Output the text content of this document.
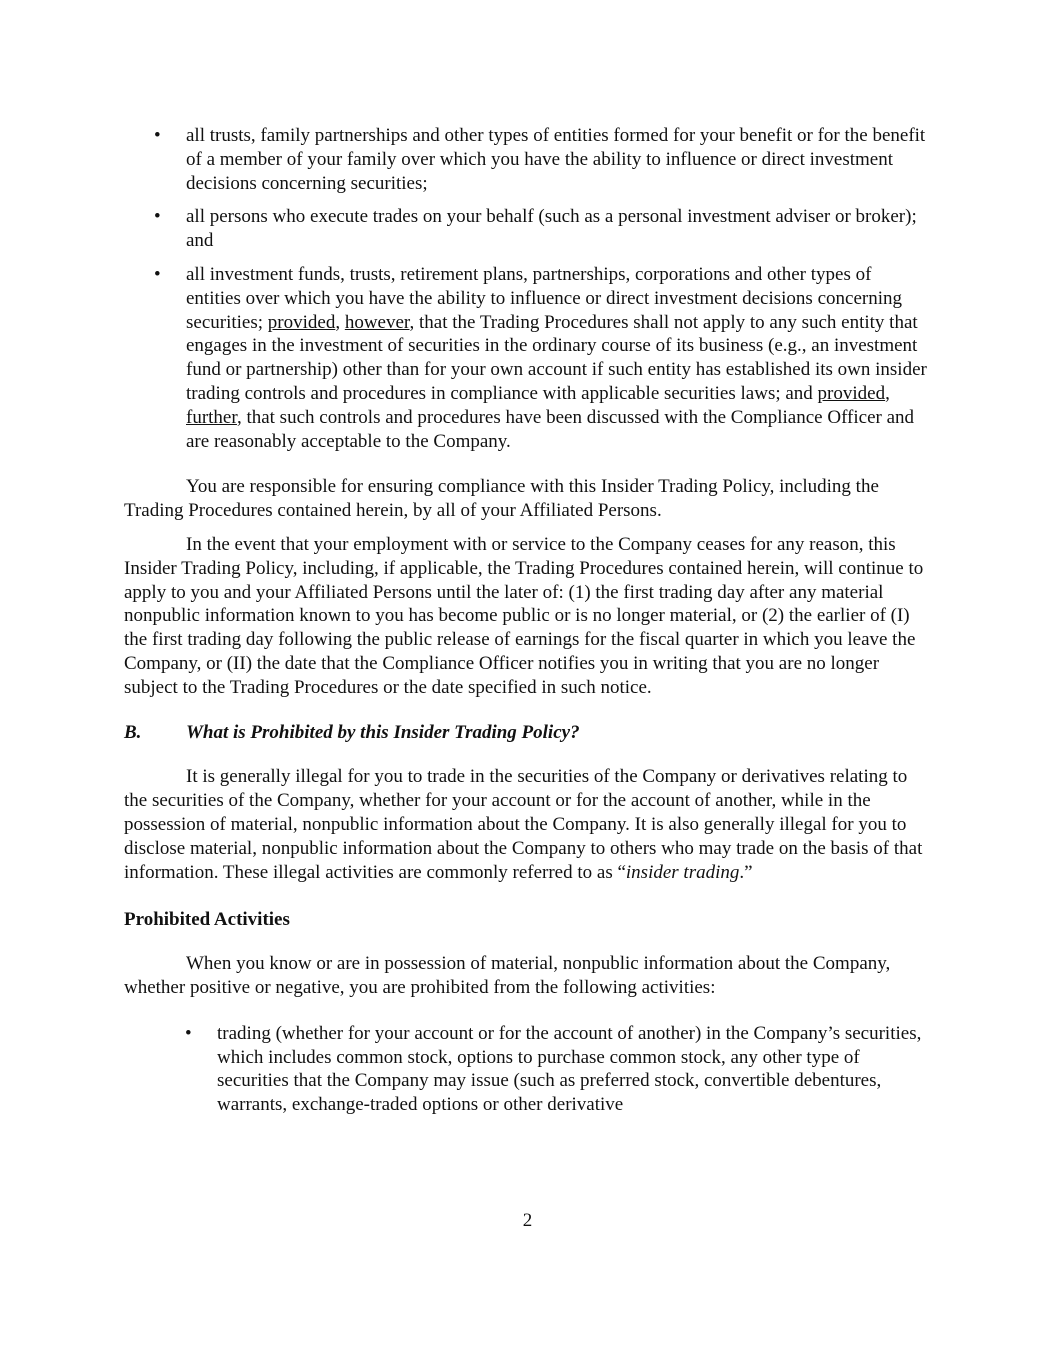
• all trusts, family partnerships and other types of entities formed for your benefit or for the benefit of a member of your family over which you have the ability to influence or direct investment decisions concerning securities;
• all persons who execute trades on your behalf (such as a personal investment adviser or broker); and
• all investment funds, trusts, retirement plans, partnerships, corporations and other types of entities over which you have the ability to influence or direct investment decisions concerning securities; provided, however, that the Trading Procedures shall not apply to any such entity that engages in the investment of securities in the ordinary course of its business (e.g., an investment fund or partnership) other than for your own account if such entity has established its own insider trading controls and procedures in compliance with applicable securities laws; and provided, further, that such controls and procedures have been discussed with the Compliance Officer and are reasonably acceptable to the Company.

You are responsible for ensuring compliance with this Insider Trading Policy, including the Trading Procedures contained herein, by all of your Affiliated Persons.

In the event that your employment with or service to the Company ceases for any reason, this Insider Trading Policy, including, if applicable, the Trading Procedures contained herein, will continue to apply to you and your Affiliated Persons until the later of: (1) the first trading day after any material nonpublic information known to you has become public or is no longer material, or (2) the earlier of (I) the first trading day following the public release of earnings for the fiscal quarter in which you leave the Company, or (II) the date that the Compliance Officer notifies you in writing that you are no longer subject to the Trading Procedures or the date specified in such notice.

B. What is Prohibited by this Insider Trading Policy?

It is generally illegal for you to trade in the securities of the Company or derivatives relating to the securities of the Company, whether for your account or for the account of another, while in the possession of material, nonpublic information about the Company. It is also generally illegal for you to disclose material, nonpublic information about the Company to others who may trade on the basis of that information. These illegal activities are commonly referred to as “insider trading.”

Prohibited Activities

When you know or are in possession of material, nonpublic information about the Company, whether positive or negative, you are prohibited from the following activities:

• trading (whether for your account or for the account of another) in the Company’s securities, which includes common stock, options to purchase common stock, any other type of securities that the Company may issue (such as preferred stock, convertible debentures, warrants, exchange-traded options or other derivative
2
